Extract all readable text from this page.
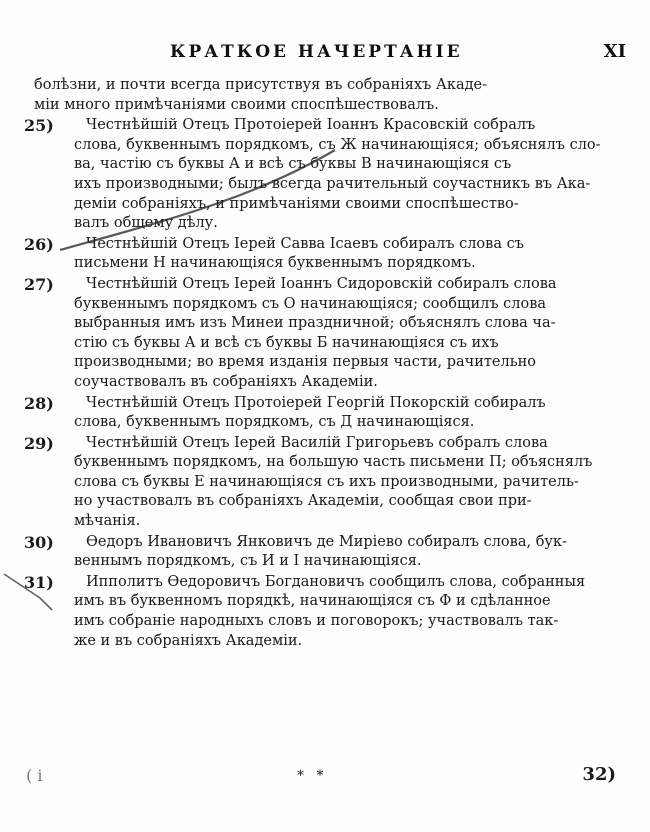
КРАТКОЕ НАЧЕРТАНІЕ	XI
болѣзни, и почти всегда присутствуя въ собраніяхъ Акаде-
міи много примѣчаніями своими споспѣшествовалъ.
25) Честнѣйшій Отецъ Протоіерей Іоаннъ Красовскій собралъ
слова, буквеннымъ порядкомъ, съ Ж начинающіяся; объяснялъ сло-
ва, частію съ буквы А и всѣ съ буквы В начинающіяся съ
ихъ производными; былъ всегда рачительный соучастникъ въ Ака-
деміи собраніяхъ, и примѣчаніями своими споспѣшество-
валъ общему дѣлу.
26) Честнѣйшій Отецъ Іерей Савва Ісаевъ собиралъ слова съ
письмени Н начинающіяся буквеннымъ порядкомъ.
27) Честнѣйшій Отецъ Іерей Іоаннъ Сидоровскій собиралъ слова
буквеннымъ порядкомъ съ О начинающіяся; сообщилъ слова
выбранныя имъ изъ Минеи праздничной; объяснялъ слова ча-
стію съ буквы А и всѣ съ буквы Б начинающіяся съ ихъ
производными; во время изданія первыя части, рачительно
соучаствовалъ въ собраніяхъ Академіи.
28) Честнѣйшій Отецъ Протоіерей Георгій Покорскій собиралъ
слова, буквеннымъ порядкомъ, съ Д начинающіяся.
29) Честнѣйшій Отецъ Іерей Василій Григорьевъ собралъ слова
буквеннымъ порядкомъ, на большую часть письмени П; объяснялъ
слова съ буквы Е начинающіяся съ ихъ производными, рачитель-
но участвовалъ въ собраніяхъ Академіи, сообщая свои при-
мѣчанія.
30) Ѳедоръ Ивановичъ Янковичъ де Миріево собиралъ слова, бук-
веннымъ порядкомъ, съ И и І начинающіяся.
31) Ипполитъ Ѳедоровичъ Богдановичъ сообщилъ слова, собранныя
имъ въ буквенномъ порядкѣ, начинающіяся съ Ф и сдѣланное
имъ собраніе народныхъ словъ и поговорокъ; участвовалъ так-
же и въ собраніяхъ Академіи.
( i	* *	32)
